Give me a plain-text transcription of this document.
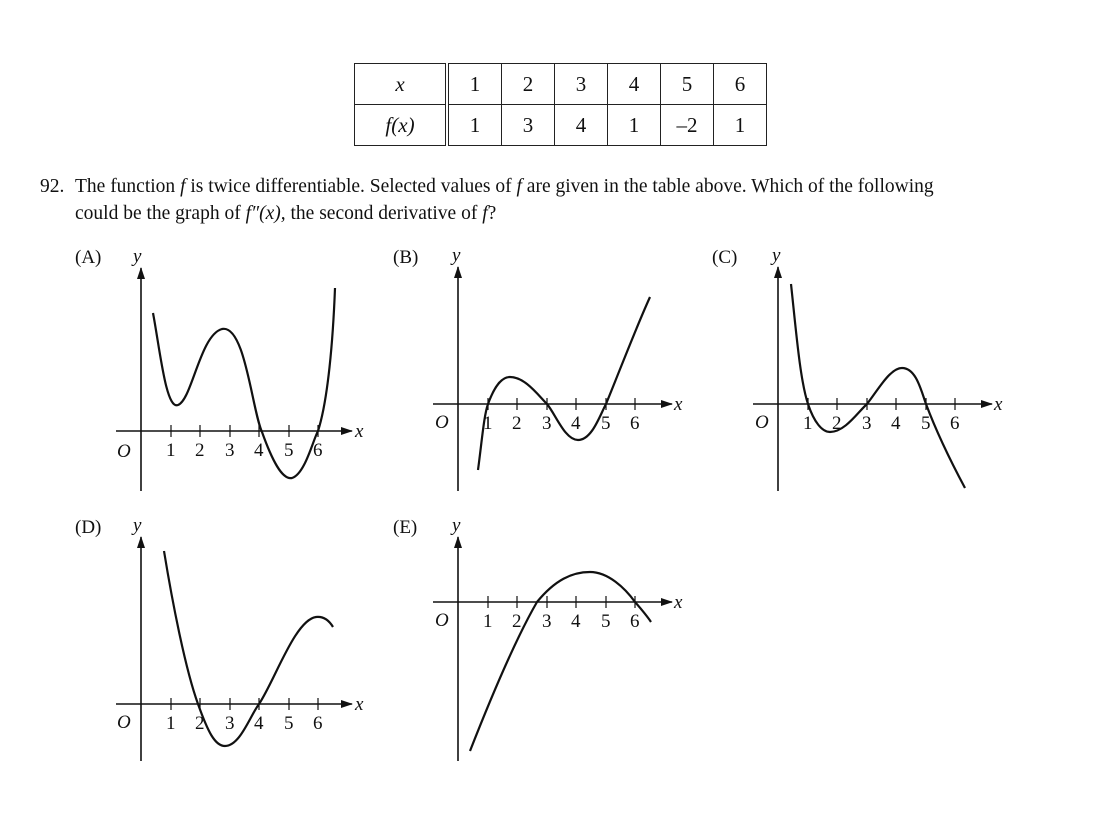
x	1	2	3	4	5	6
f(x)	1	3	4	1	–2	1
92. The function f is twice differentiable. Selected values of f are given in the table above. Which of the following
could be the graph of f″(x), the second derivative of f?
(A)	(B)	(C)
(D)	(E)
O
x
y
1 2 3 4 5 6
O
x
y
1 2 3 4 5 6	O
x
y
1 2 3 4 5 6
O
x
y
1 2 3 4 5 6
O
x
y
1 2 3 4 5 6
